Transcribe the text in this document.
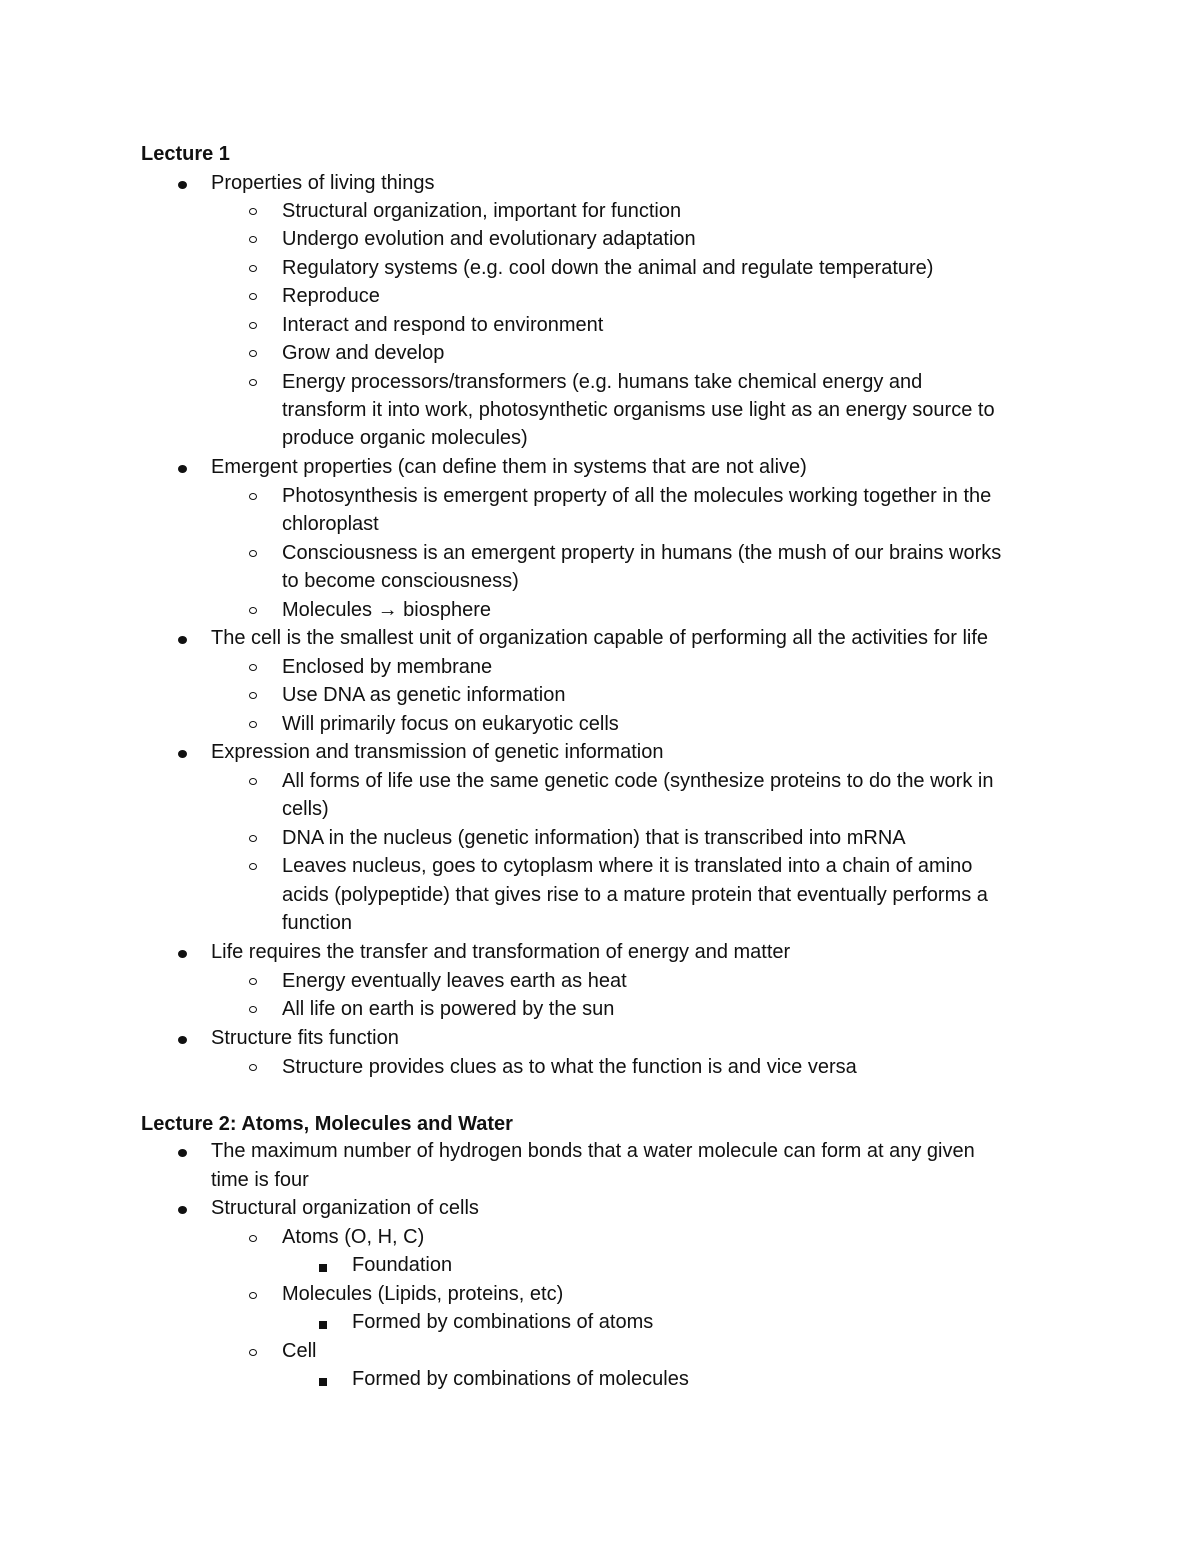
Lecture 1
Properties of living things
Structural organization, important for function
Undergo evolution and evolutionary adaptation
Regulatory systems (e.g. cool down the animal and regulate temperature)
Reproduce
Interact and respond to environment
Grow and develop
Energy processors/transformers (e.g. humans take chemical energy and
transform it into work, photosynthetic organisms use light as an energy source to
produce organic molecules)
Emergent properties (can define them in systems that are not alive)
Photosynthesis is emergent property of all the molecules working together in the
chloroplast
Consciousness is an emergent property in humans (the mush of our brains works
to become consciousness)
Molecules → biosphere
The cell is the smallest unit of organization capable of performing all the activities for life
Enclosed by membrane
Use DNA as genetic information
Will primarily focus on eukaryotic cells
Expression and transmission of genetic information
All forms of life use the same genetic code (synthesize proteins to do the work in
cells)
DNA in the nucleus (genetic information) that is transcribed into mRNA
Leaves nucleus, goes to cytoplasm where it is translated into a chain of amino
acids (polypeptide) that gives rise to a mature protein that eventually performs a
function
Life requires the transfer and transformation of energy and matter
Energy eventually leaves earth as heat
All life on earth is powered by the sun
Structure fits function
Structure provides clues as to what the function is and vice versa
Lecture 2: Atoms, Molecules and Water
The maximum number of hydrogen bonds that a water molecule can form at any given
time is four
Structural organization of cells
Atoms (O, H, C)
Foundation
Molecules (Lipids, proteins, etc)
Formed by combinations of atoms
Cell
Formed by combinations of molecules
